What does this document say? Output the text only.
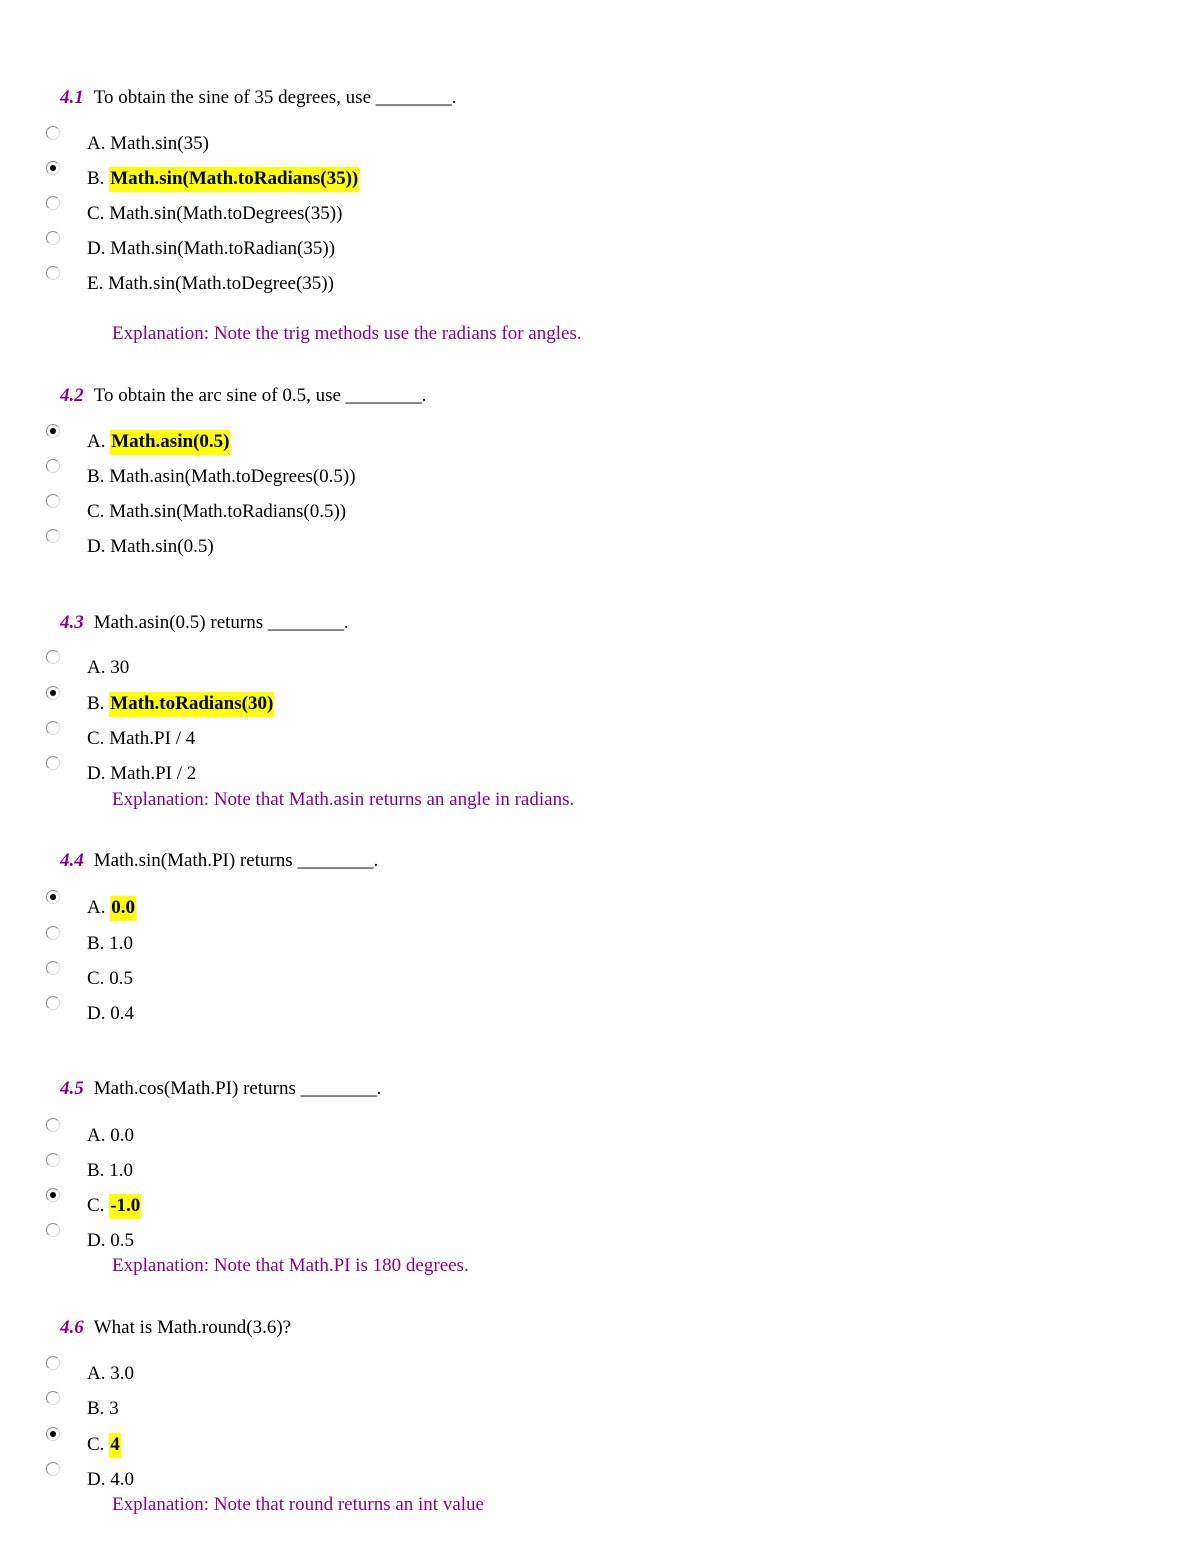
4.1 To obtain the sine of 35 degrees, use ________.
A. Math.sin(35)
B. Math.sin(Math.toRadians(35))
C. Math.sin(Math.toDegrees(35))
D. Math.sin(Math.toRadian(35))
E. Math.sin(Math.toDegree(35))
Explanation: Note the trig methods use the radians for angles.
4.2 To obtain the arc sine of 0.5, use ________.
A. Math.asin(0.5)
B. Math.asin(Math.toDegrees(0.5))
C. Math.sin(Math.toRadians(0.5))
D. Math.sin(0.5)
4.3 Math.asin(0.5) returns ________.
A. 30
B. Math.toRadians(30)
C. Math.PI / 4
D. Math.PI / 2
Explanation: Note that Math.asin returns an angle in radians.
4.4 Math.sin(Math.PI) returns ________.
A. 0.0
B. 1.0
C. 0.5
D. 0.4
4.5 Math.cos(Math.PI) returns ________.
A. 0.0
B. 1.0
C. -1.0
D. 0.5
Explanation: Note that Math.PI is 180 degrees.
4.6 What is Math.round(3.6)?
A. 3.0
B. 3
C. 4
D. 4.0
Explanation: Note that round returns an int value
